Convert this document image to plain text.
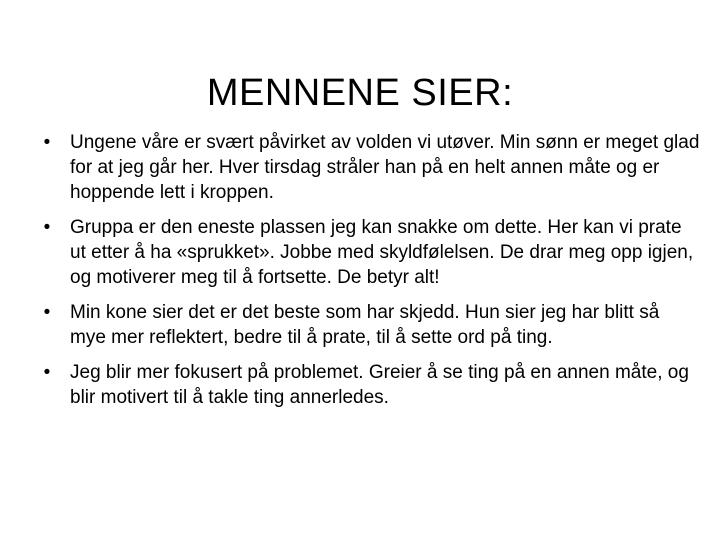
MENNENE SIER:
• Ungene våre er svært påvirket av volden vi utøver. Min sønn er meget glad for at jeg går her. Hver tirsdag stråler han på en helt annen måte og er hoppende lett i kroppen.
• Gruppa er den eneste plassen jeg kan snakke om dette. Her kan vi prate ut etter å ha «sprukket». Jobbe med skyldfølelsen. De drar meg opp igjen, og motiverer meg til å fortsette. De betyr alt!
• Min kone sier det er det beste som har skjedd. Hun sier jeg har blitt så mye mer reflektert, bedre til å prate, til å sette ord på ting.
• Jeg blir mer fokusert på problemet. Greier å se ting på en annen måte, og blir motivert til å takle ting annerledes.
